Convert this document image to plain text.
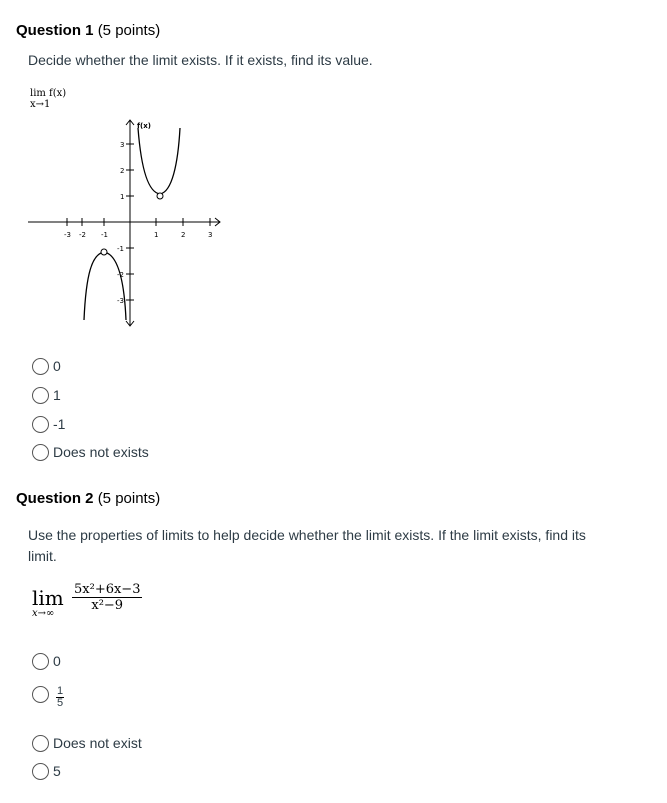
Question 1 (5 points)
Decide whether the limit exists. If it exists, find its value.
lim f(x)
x→1
-3 -2 -1	1	2	3
3
2
1
-1
-2
-3
f(x)
0
1
-1
Does not exists
Question 2 (5 points)
Use the properties of limits to help decide whether the limit exists. If the limit exists, find its limit.
lim
x→∞
$\frac{\text{5x²+6x−3}}{\text{x²−9}}$
0
$\frac{1}{5}$
Does not exist
5
